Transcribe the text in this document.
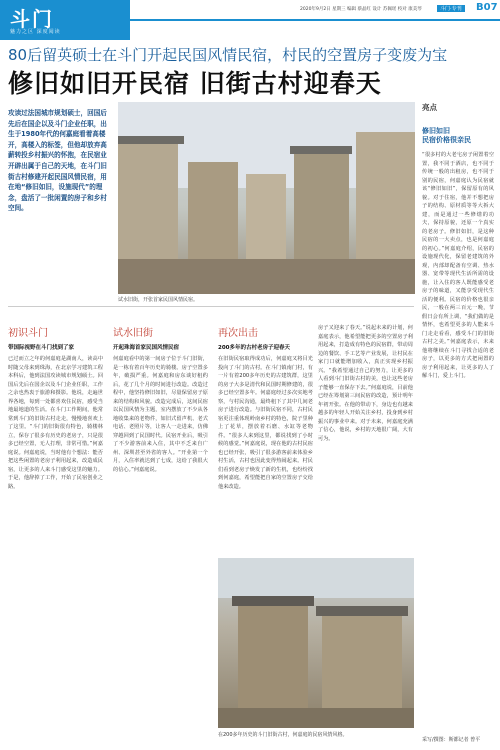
斗门
魅力之区 深度阅读
2020年9月2日 星期三 编辑 蔡晶红 设计 苏佩瑶 校对 康美琴	斗门·专刊	B07
80后留英硕士在斗门开起民国风情民宿，村民的空置房子变废为宝
修旧如旧开民宿 旧街古村迎春天
攻读过法国城市规划硕士，回国后先后在国企以及斗门企业任职，出生于1980年代的何嘉庭看着高楼开，高楼入的标签，但他却放弃高薪转投乡村振兴的怀抱，在民宿业开辟出属于自己的天地，在斗门旧街古村修建开起民国风情民宿，用在地“修旧如旧，设施现代”的理念，盘活了一批闲置的房子和乡村空间。
试水旧街，开张首家民国风情民宿。
亮点
修旧如旧
民宿价格很亲民
“很多村的大老宅房子闲置着空置，我不同于酒店，也不同于传统一般的出租房，也不同于别的民宿，何嘉庭认为民宿就该“修旧如旧”，保留原有的风貌。对于住宿，他并不想把房子的结构、原材质等等大拆大建，而是通过一些修缮的功夫，保持原貌，还原一个真实的老房子。修旧如旧，是这种民宿的一大卖点，也是何嘉庭的初心。”何嘉庭介绍，民宿的设施现代化，保留老建筑的外观，内部却配备有空调、热水器、宽带等现代生活所需的设施，让入住的客人既能感受老房子的味道，又能享受现代生活的便利。民宿的价格也很亲民，一般在两三百元一晚，节假日会有所上调，“我们做的是情怀，也希望更多的人能来斗门走走看看，感受斗门的旧街古村之美。”何嘉庭表示，未来他将继续在斗门寻找合适的老房子，以更多的方式把闲置的房子利用起来，让更多的人了解斗门，爱上斗门。
采写/撰图：斯都记者 曾平
初识斗门
带国际视野在斗门找到了家
已过而立之年的何嘉庭是湖南人，读高中时随父母来到珠海，在北京学习建筑工程本科后，他到法国攻读城市规划硕士。回国后先后在国企以及斗门企业任职，工作之余也热衷于旅游和摄影。他说，走遍世界各地，每到一处都喜欢住民宿，感受当地最地道的生活。在斗门工作期间，他常常到斗门的旧街古村走走，慢慢地喜欢上了这里。“斗门的旧街很有特色，骑楼林立，保存了很多有历史的老房子，只是很多已经空置，无人打理，非常可惜。”何嘉庭说。何嘉庭说，当时他有个想法：能否把这些闲置的老房子利用起来，改造成民宿，让更多的人来斗门感受这里的魅力。于是，他辞掉了工作，开始了民宿创业之路。
试水旧街
开起珠海首家民国风情民宿
何嘉庭看中的第一间房子位于斗门旧街，是一栋有着百年历史的骑楼。房子空置多年，破损严重。何嘉庭和房东谈好租约后，花了几个月的时间进行改造。改造过程中，他坚持修旧如旧，尽量保留房子原来的结构和风貌。改造完成后，这间民宿以民国风情为主题，室内摆放了不少从各地收集来的老物件，如旧式留声机、老式电话、老照片等，让客人一走进来，仿佛穿越回到了民国时代。民宿开业后，吸引了不少游客前来入住，其中不乏来自广州、深圳甚至外省的客人。“开业第一个月，入住率就达到了七成，这给了我很大的信心。”何嘉庭说。
再次出击
200多年的古村老房子迎春天
在旧街民宿取得成功后，何嘉庭又将目光投向了斗门的古村。在斗门镇南门村，有一片有着200多年历史的古建筑群，这里的房子大多是清代和民国时期修建的，很多已经空置多年。何嘉庭经过多次实地考察，与村民沟通，最终租下了其中几间老房子进行改造。与旧街民宿不同，古村民宿更注重体现岭南乡村的特色，院子里种上了花草，摆放着石磨、水缸等老物件。“很多人来到这里，都说找到了小时候的感觉。”何嘉庭说，现在他的古村民宿也已经开张，吸引了很多游客前来体验乡村生活，古村也因此变得热闹起来。村民们看到老房子焕发了新的生机，也纷纷找到何嘉庭，希望能把自家的空置房子交给他来改造。
房子又迎来了春天。”说起未来的计划，何嘉庭表示，他希望能把更多的空置房子利用起来，打造成有特色的民宿群，带动周边的餐饮、手工艺等产业发展，让村民在家门口就能增加收入，真正实现乡村振兴。“我希望通过自己的努力，让更多的人看到斗门旧街古村的美，也让这些老房子能够一直保存下去。”何嘉庭说，目前他已经在筹划第三间民宿的改造，预计明年年初开张。在他的带动下，身边也有越来越多的年轻人开始关注乡村，投身到乡村振兴的事业中来。对于未来，何嘉庭充满了信心，他说，乡村的天地很广阔，大有可为。
在200多年历史的斗门旧街古村，何嘉庭的民宿风情风格。
